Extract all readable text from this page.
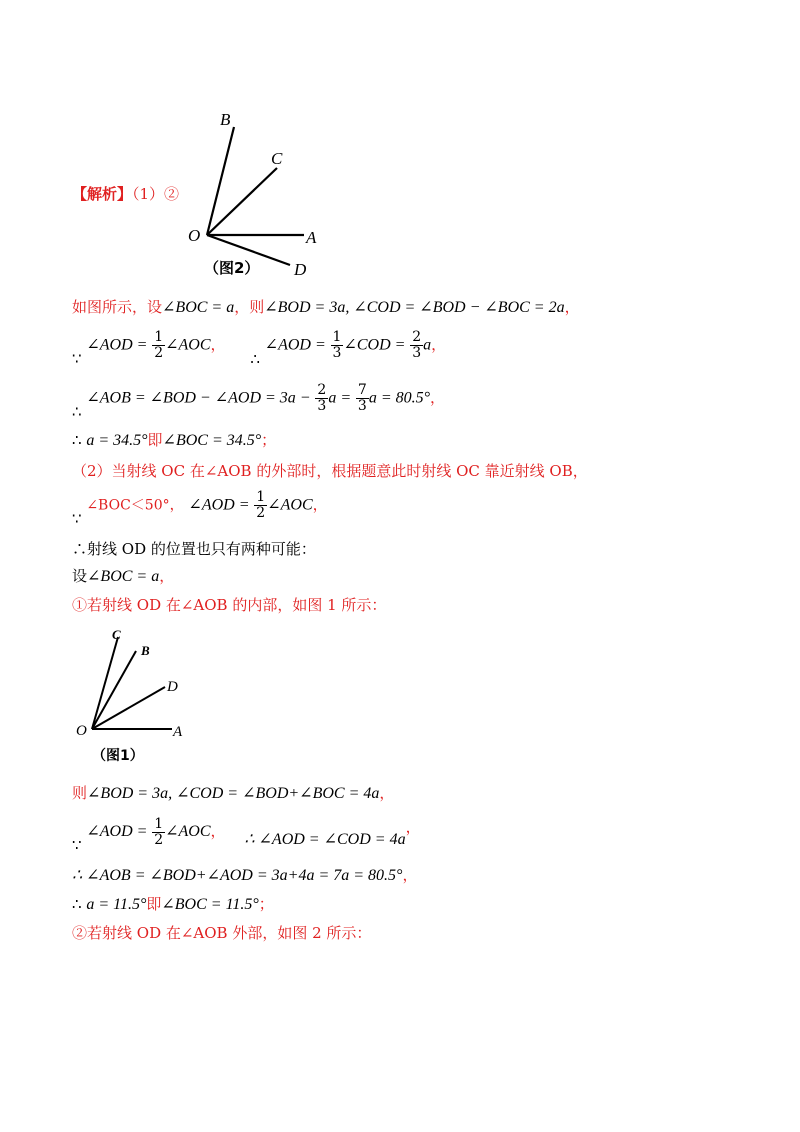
【解析】（1）②
B
C
O	A
D
（图2）
如图所示，设∠BOC = a，则∠BOD = 3a, ∠COD = ∠BOD − ∠BOC = 2a，
∵ ∠AOD = $\frac{1}{2}$ ∠AOC， ∴ ∠AOD = $\frac{1}{3}$ ∠COD = $\frac{2}{3}$ a，
∴ ∠AOB = ∠BOD − ∠AOD = $3a - \frac{2}{3}$ $a = \frac{7}{3}$ a = 80.5°，
∴ a = 34.5°即∠BOC = 34.5°；
（2）当射线 OC 在∠AOB 的外部时，根据题意此时射线 OC 靠近射线 OB，
∵ ∠BOC＜50°， ∠AOD = $\frac{1}{2}$ ∠AOC，
∴射线 OD 的位置也只有两种可能：
设∠BOC = a，
①若射线 OD 在∠AOB 的内部，如图 1 所示：
C
B
D
O	A
（图1）
则∠BOD = 3a, ∠COD = ∠BOD+∠BOC = 4a，
∵ ∠AOD = $\frac{1}{2}$ ∠AOC， ∴ ∠AOD = ∠COD = 4a，
∴ ∠AOB = ∠BOD+∠AOD = 3a+4a = 7a = 80.5°，
∴ a = 11.5°即∠BOC = 11.5°；
②若射线 OD 在∠AOB 外部，如图 2 所示：
